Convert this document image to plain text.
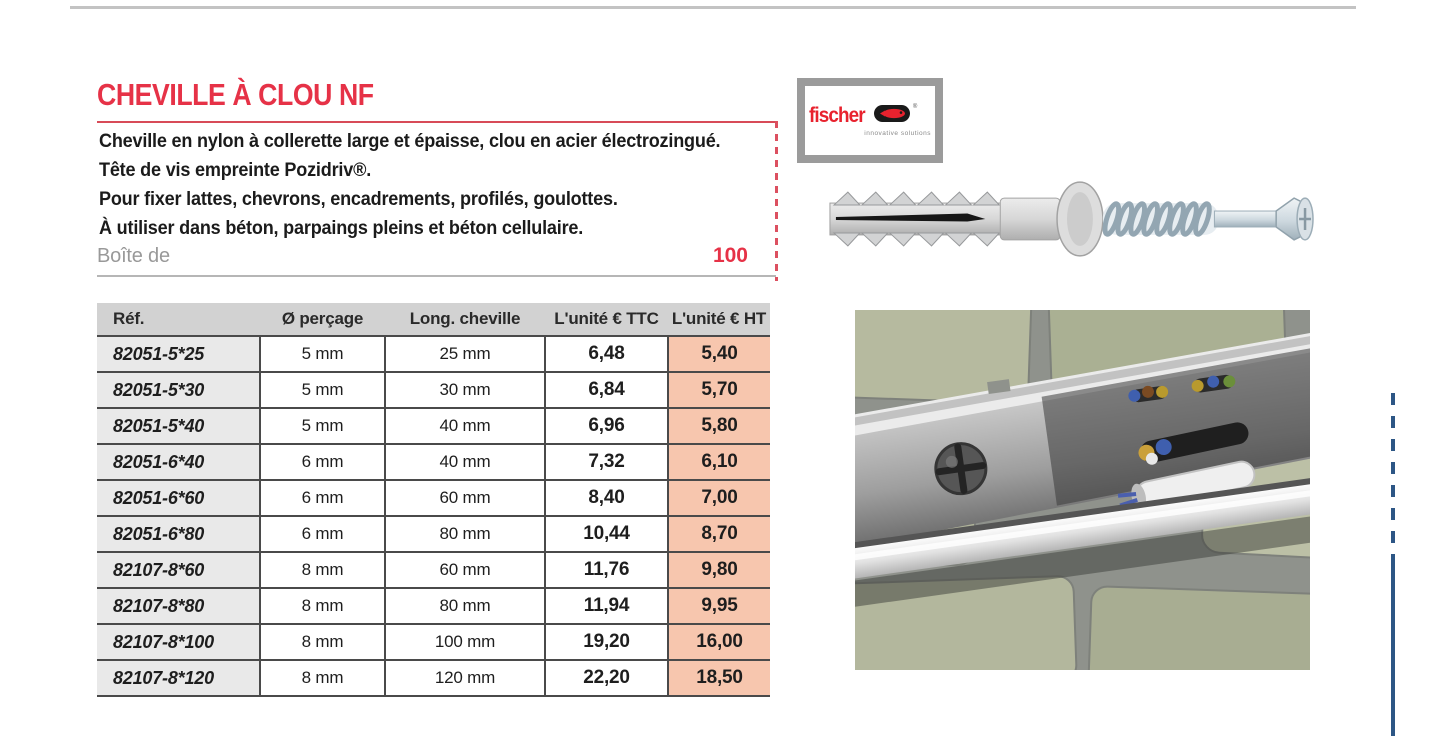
CHEVILLE À CLOU NF
Cheville en nylon à collerette large et épaisse, clou en acier électrozingué.
Tête de vis empreinte Pozidriv®.
Pour fixer lattes, chevrons, encadrements, profilés, goulottes.
À utiliser dans béton, parpaings pleins et béton cellulaire.
Boîte de	100
Réf.	Ø perçage	Long. cheville	L'unité € TTC	L'unité € HT
82051-5*25	5 mm	25 mm	6,48	5,40
82051-5*30	5 mm	30 mm	6,84	5,70
82051-5*40	5 mm	40 mm	6,96	5,80
82051-6*40	6 mm	40 mm	7,32	6,10
82051-6*60	6 mm	60 mm	8,40	7,00
82051-6*80	6 mm	80 mm	10,44	8,70
82107-8*60	8 mm	60 mm	11,76	9,80
82107-8*80	8 mm	80 mm	11,94	9,95
82107-8*100	8 mm	100 mm	19,20	16,00
82107-8*120	8 mm	120 mm	22,20	18,50
fischer	®
innovative solutions
